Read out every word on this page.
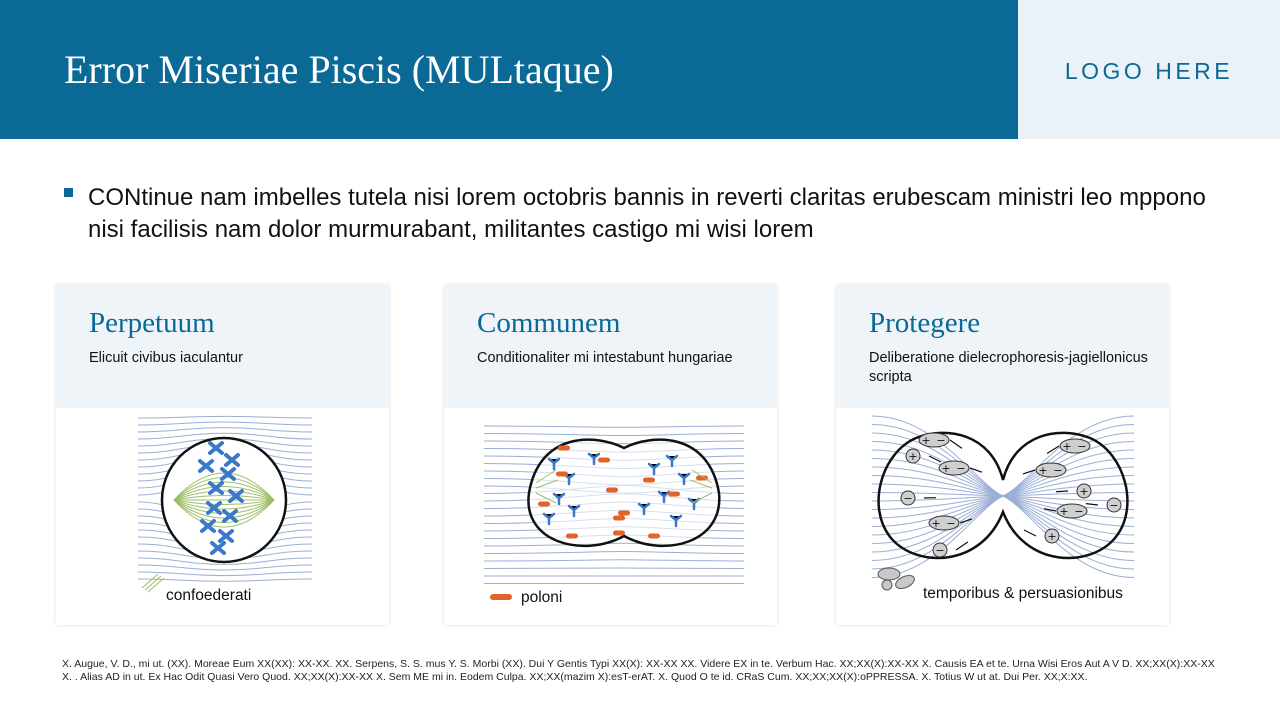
Error Miseriae Piscis (MULtaque)	LOGO HERE
CONtinue nam imbelles tutela nisi lorem octobris bannis in reverti claritas erubescam ministri leo mppono nisi facilisis nam dolor murmurabant, militantes castigo mi wisi lorem
Perpetuum
Elicuit civibus iaculantur
confoederati
Communem
Conditionaliter mi intestabunt hungariae
poloni
Protegere
Deliberatione dielecrophoresis-jagiellonicus scripta
+ −
+
+ −
−
+ −
−
+ −
+ −
+
−
+ −
+
temporibus & persuasionibus
X. Augue, V. D., mi ut. (XX). Moreae Eum XX(XX): XX-XX. XX. Serpens, S. S. mus Y. S. Morbi (XX). Dui Y Gentis Typi XX(X): XX-XX XX. Videre EX in te. Verbum Hac. XX;XX(X):XX-XX X. Causis EA et te. Urna Wisi Eros Aut A V D. XX;XX(X):XX-XX X. . Alias AD in ut. Ex Hac Odit Quasi Vero Quod. XX;XX(X):XX-XX X. Sem ME mi in. Eodem Culpa. XX;XX(mazim X):esT-erAT. X. Quod O te id. CRaS Cum. XX;XX;XX(X):oPPRESSA. X. Totius W ut at. Dui Per. XX;X:XX.
